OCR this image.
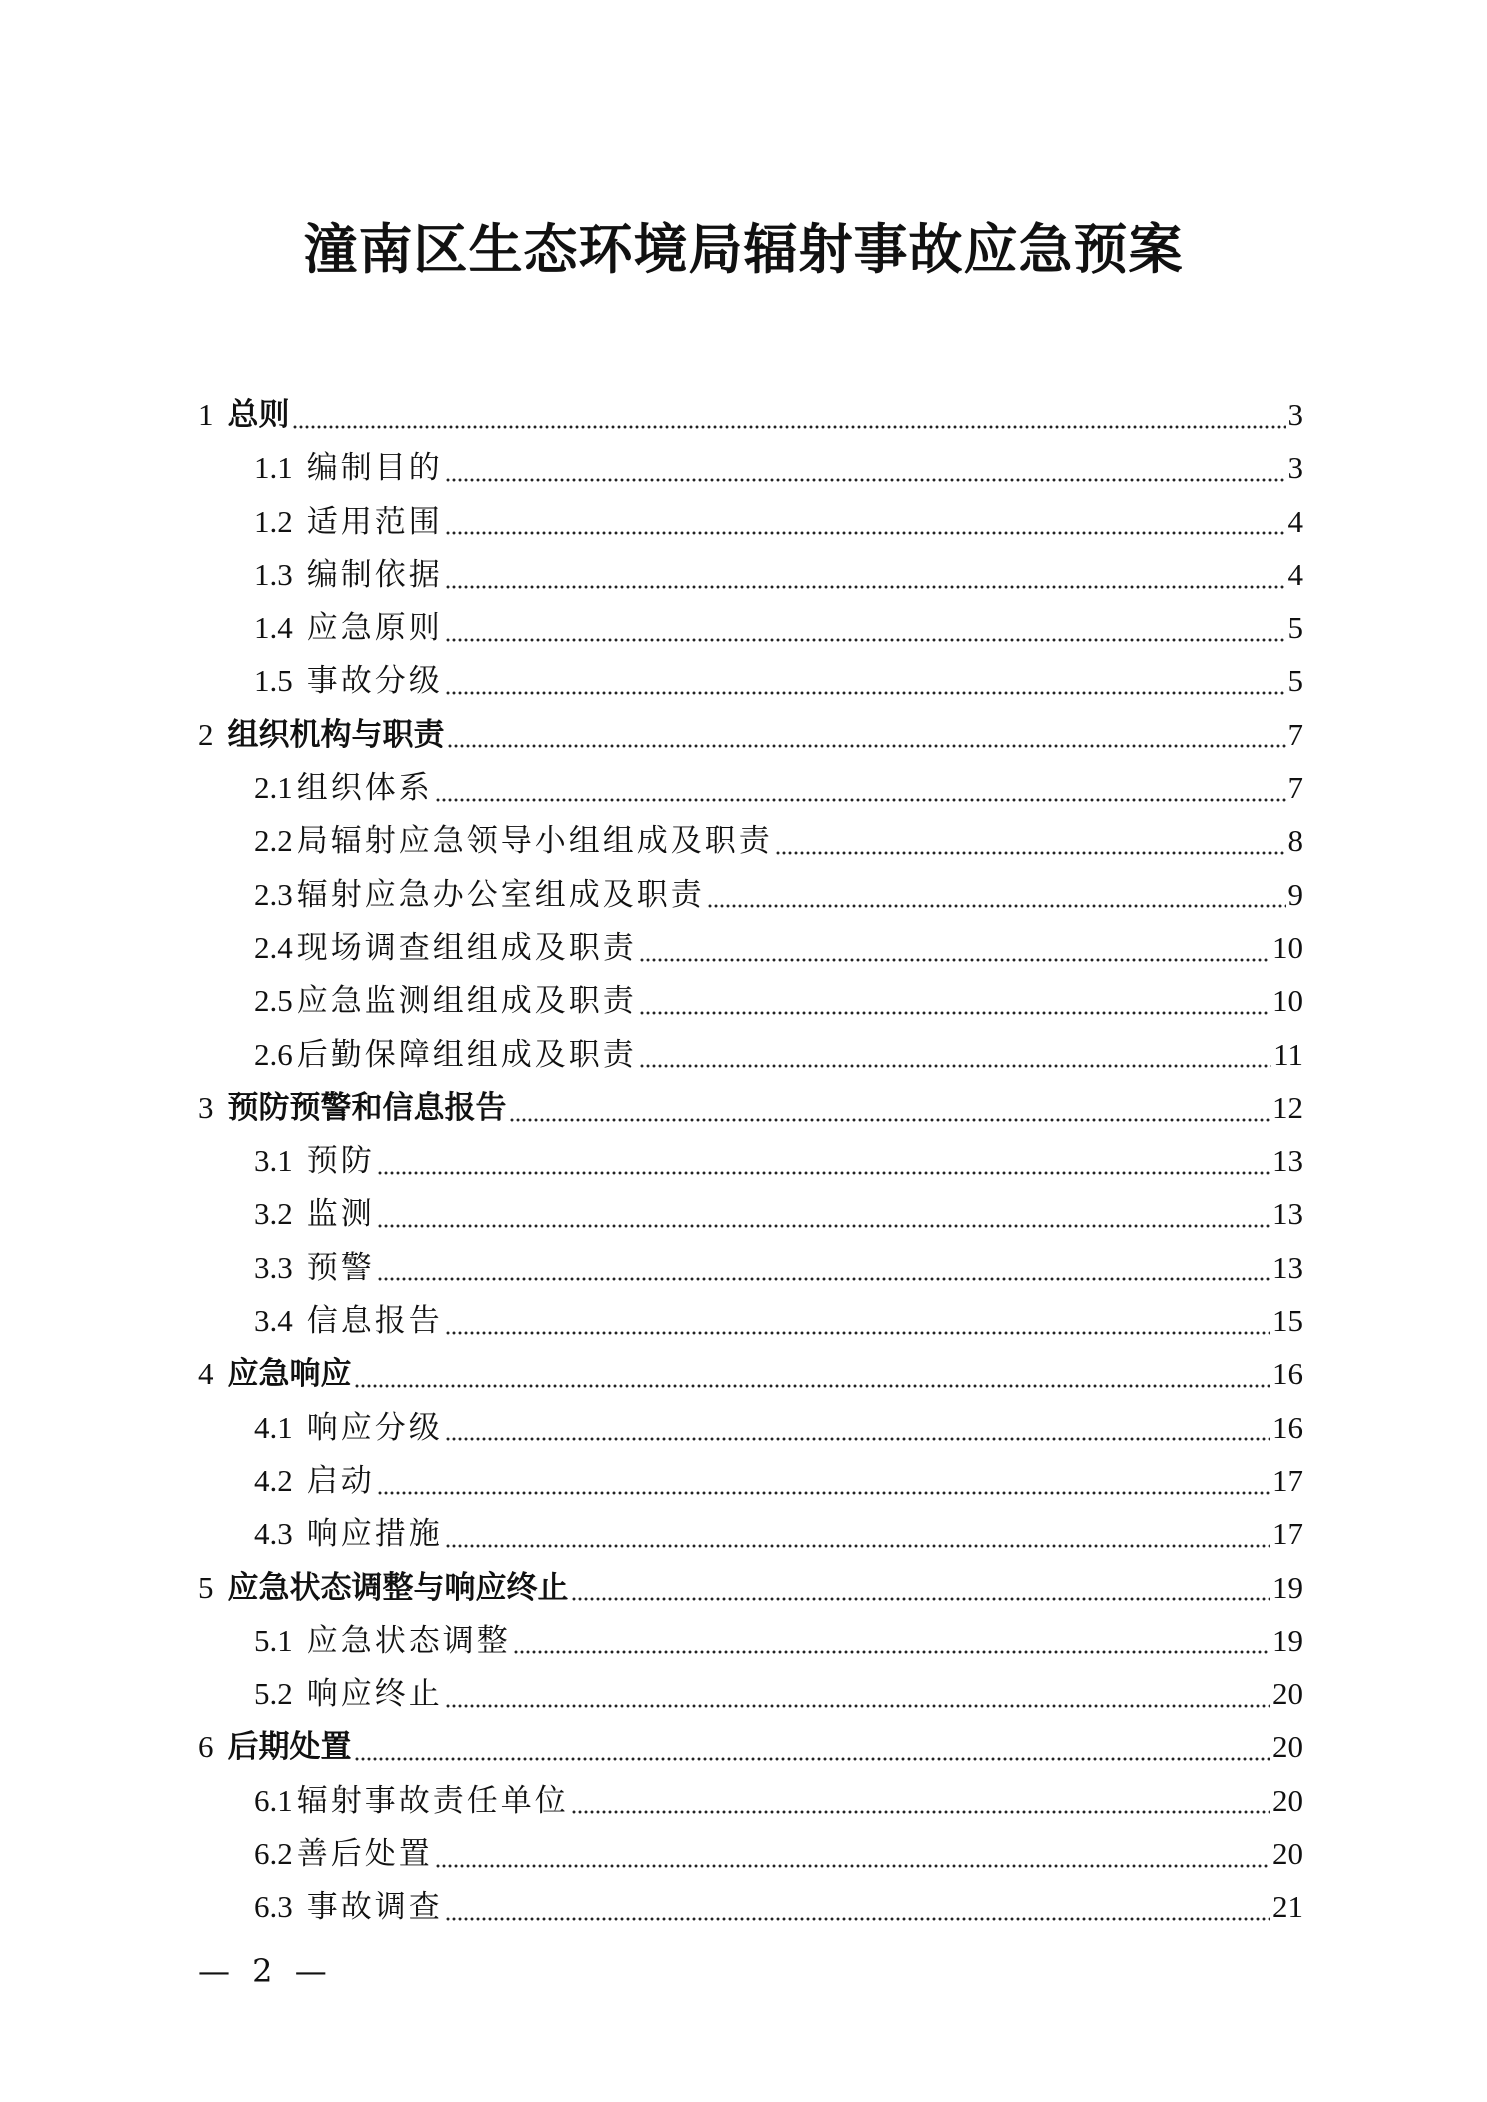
潼南区生态环境局辐射事故应急预案
1 总则	3
1.1 编制目的	3
1.2 适用范围	4
1.3 编制依据	4
1.4 应急原则	5
1.5 事故分级	5
2 组织机构与职责	7
2.1 组织体系	7
2.2 局辐射应急领导小组组成及职责	8
2.3 辐射应急办公室组成及职责	9
2.4 现场调查组组成及职责	10
2.5 应急监测组组成及职责	10
2.6 后勤保障组组成及职责	11
3 预防预警和信息报告	12
3.1 预防	13
3.2 监测	13
3.3 预警	13
3.4 信息报告	15
4 应急响应	16
4.1 响应分级	16
4.2 启动	17
4.3 响应措施	17
5 应急状态调整与响应终止	19
5.1 应急状态调整	19
5.2 响应终止	20
6 后期处置	20
6.1 辐射事故责任单位	20
6.2 善后处置	20
6.3 事故调查	21
— 2 —
